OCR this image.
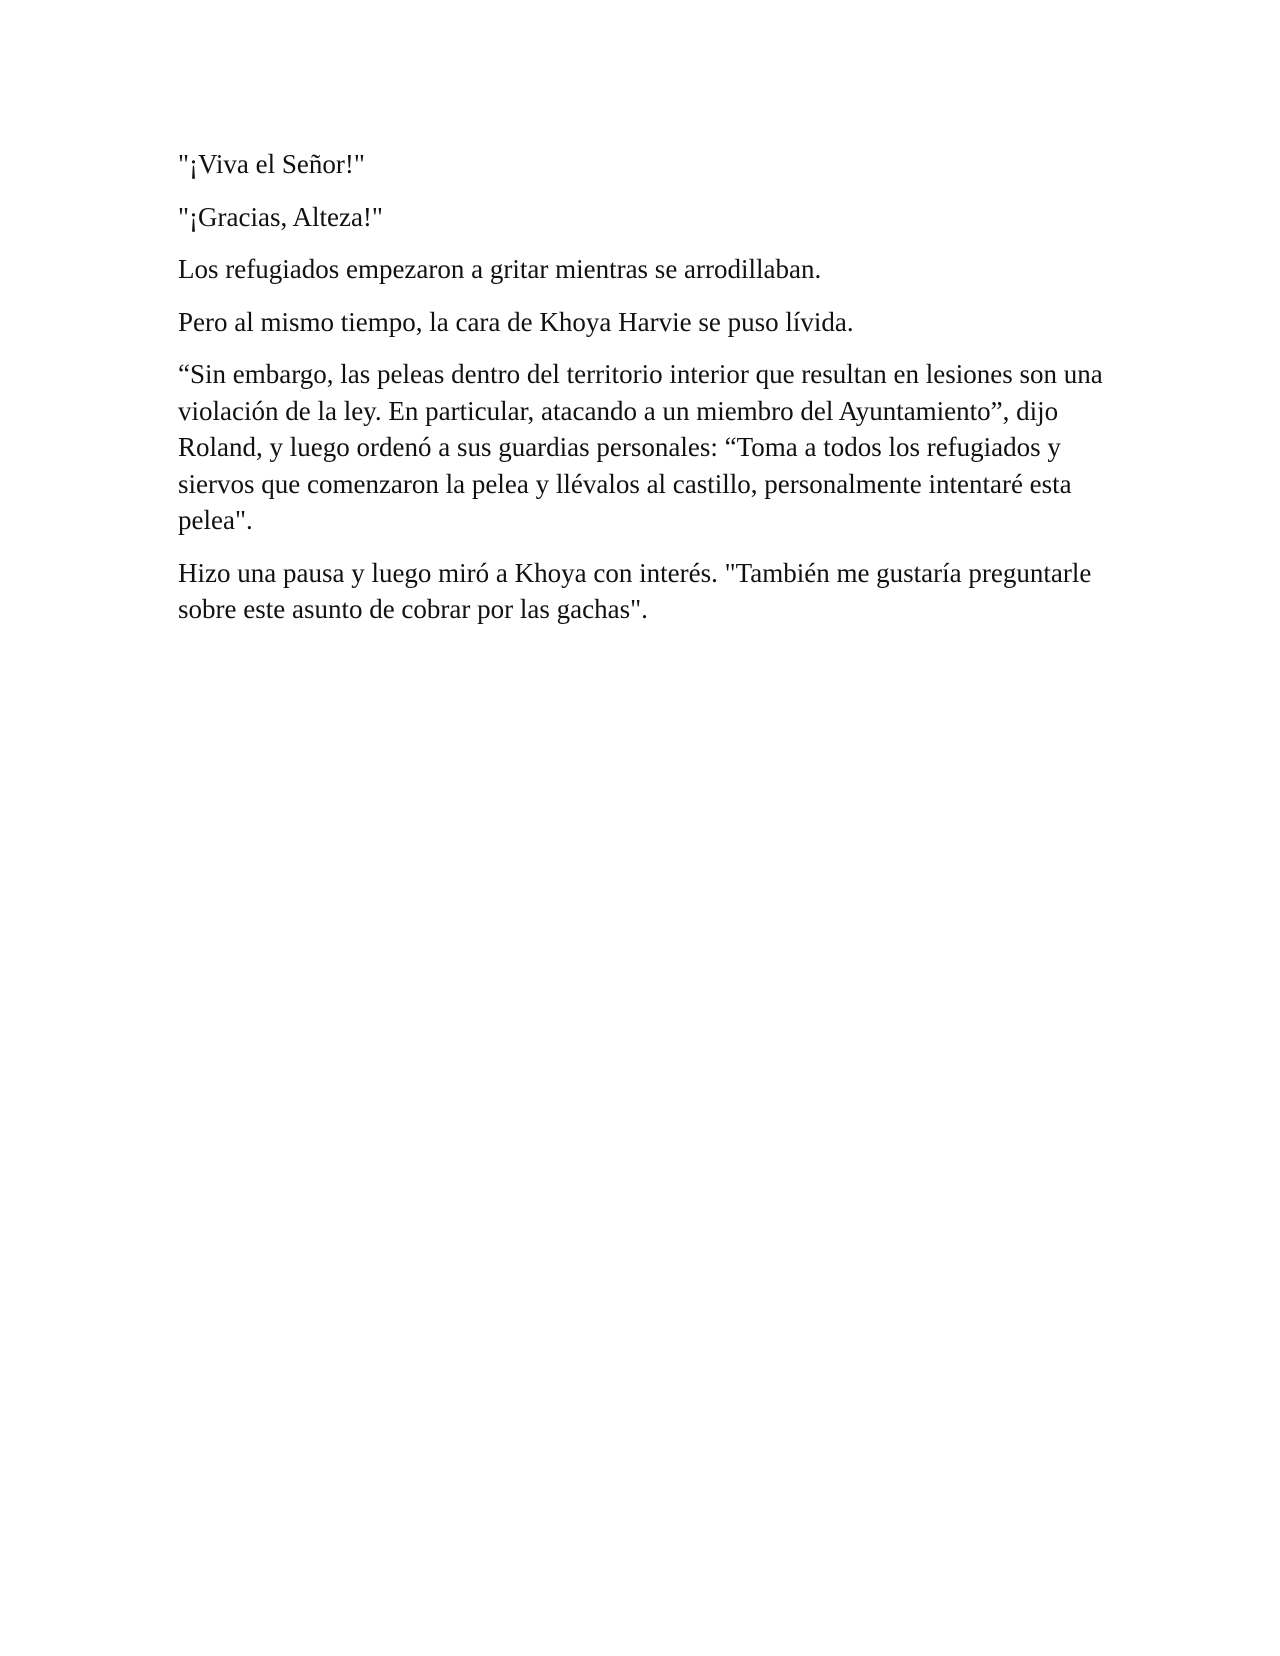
"¡Viva el Señor!"

"¡Gracias, Alteza!"

Los refugiados empezaron a gritar mientras se arrodillaban.

Pero al mismo tiempo, la cara de Khoya Harvie se puso lívida.

“Sin embargo, las peleas dentro del territorio interior que resultan en lesiones son una violación de la ley. En particular, atacando a un miembro del Ayuntamiento”, dijo Roland, y luego ordenó a sus guardias personales: “Toma a todos los refugiados y siervos que comenzaron la pelea y llévalos al castillo, personalmente intentaré esta pelea".

Hizo una pausa y luego miró a Khoya con interés. "También me gustaría preguntarle sobre este asunto de cobrar por las gachas".
